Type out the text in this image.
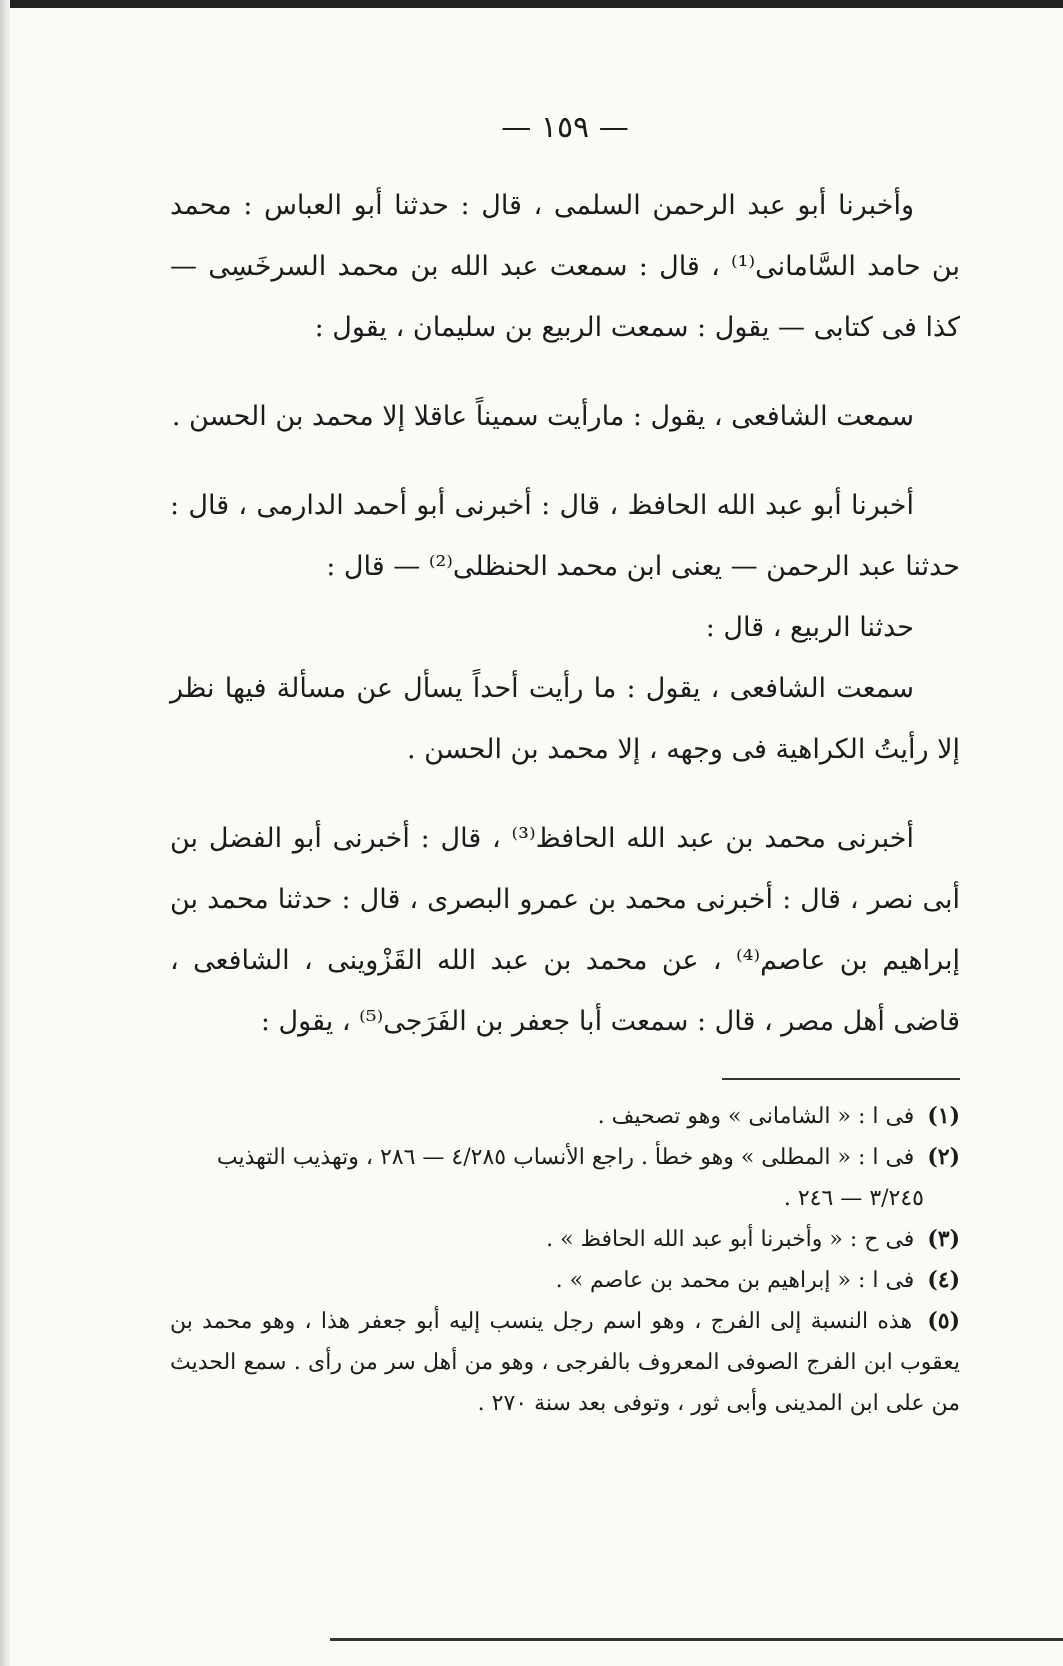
— ١٥٩ —

وأخبرنا أبو عبد الرحمن السلمى ، قال : حدثنا أبو العباس : محمد بن حامد السَّامانى⁽¹⁾ ، قال : سمعت عبد الله بن محمد السرخَسِى — كذا فى كتابى — يقول : سمعت الربيع بن سليمان ، يقول :

سمعت الشافعى ، يقول : مارأيت سميناً عاقلا إلا محمد بن الحسن .

أخبرنا أبو عبد الله الحافظ ، قال : أخبرنى أبو أحمد الدارمى ، قال : حدثنا عبد الرحمن — يعنى ابن محمد الحنظلى⁽²⁾ — قال :

حدثنا الربيع ، قال :

سمعت الشافعى ، يقول : ما رأيت أحداً يسأل عن مسألة فيها نظر إلا رأيتُ الكراهية فى وجهه ، إلا محمد بن الحسن .

أخبرنى محمد بن عبد الله الحافظ⁽³⁾ ، قال : أخبرنى أبو الفضل بن أبى نصر ، قال : أخبرنى محمد بن عمرو البصرى ، قال : حدثنا محمد بن إبراهيم بن عاصم⁽⁴⁾ ، عن محمد بن عبد الله القَزْوينى ، الشافعى ، قاضى أهل مصر ، قال : سمعت أبا جعفر بن الفَرَجى⁽⁵⁾ ، يقول :

(١) فى ا : « الشامانى » وهو تصحيف .

(٢) فى ا : « المطلى » وهو خطأ . راجع الأنساب ٤/٢٨٥ — ٢٨٦ ، وتهذيب التهذيب
٣/٢٤٥ — ٢٤٦ .

(٣) فى ح : « وأخبرنا أبو عبد الله الحافظ » .

(٤) فى ا : « إبراهيم بن محمد بن عاصم » .

(٥) هذه النسبة إلى الفرج ، وهو اسم رجل ينسب إليه أبو جعفر هذا ، وهو محمد بن يعقوب ابن الفرج الصوفى المعروف بالفرجى ، وهو من أهل سر من رأى . سمع الحديث من على ابن المدينى وأبى ثور ، وتوفى بعد سنة ٢٧٠ .
